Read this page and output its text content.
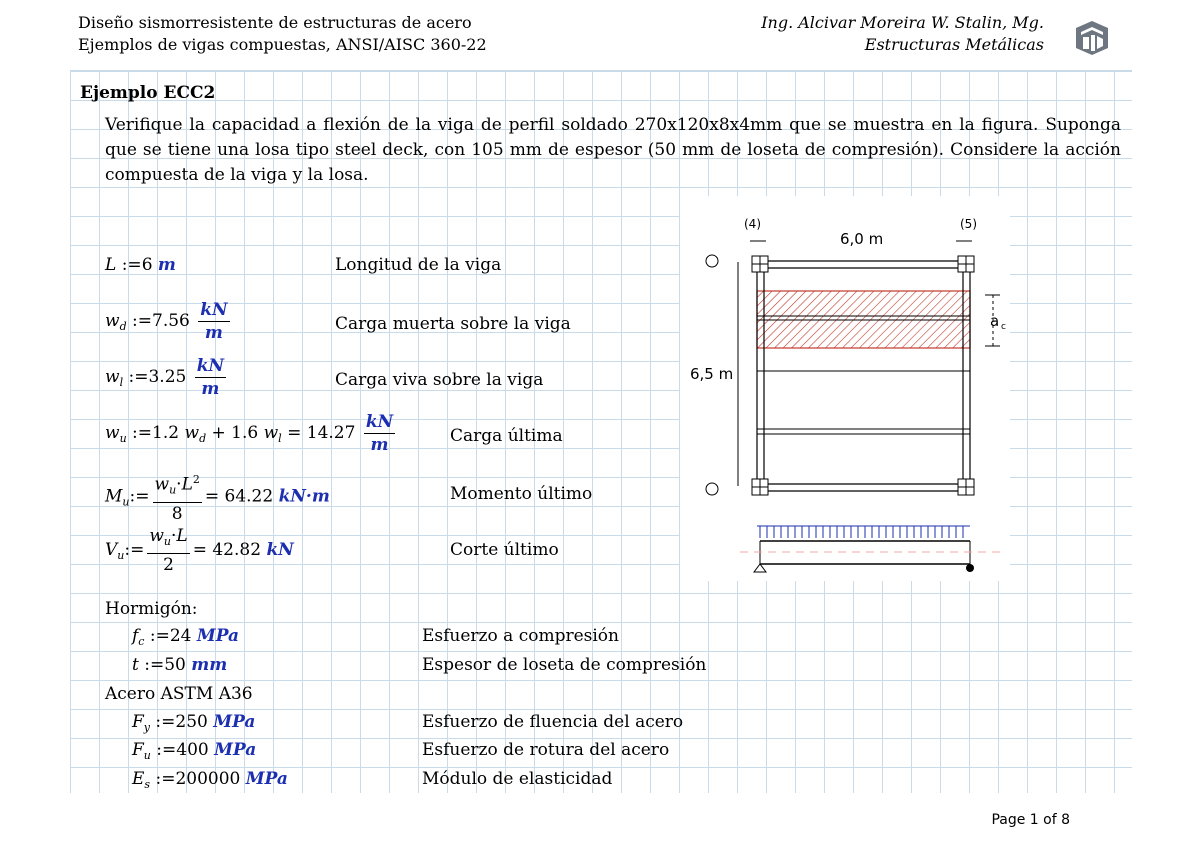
Diseño sismorresistente de estructuras de acero
Ejemplos de vigas compuestas, ANSI/AISC 360-22
Ing. Alcivar Moreira W. Stalin, Mg.
Estructuras Metálicas
Ejemplo ECC2
Verifique la capacidad a flexión de la viga de perfil soldado 270x120x8x4mm que se muestra en la figura. Suponga que se tiene una losa tipo steel deck, con 105 mm de espesor (50 mm de loseta de compresión). Considere la acción compuesta de la viga y la losa.
L :=6 m	Longitud de la viga
$w_d$ :=7.56 $\frac{kN}{m}$	Carga muerta sobre la viga
$w_l$ :=3.25 $\frac{kN}{m}$	Carga viva sobre la viga
$w_u$ :=1.2 $w_d + 1.6$ $w_l = 14.27 \frac{kN}{m}$	Carga última
$M_u:= \frac{w_u\cdot L^2}{8} = 64.22$ kN·m	Momento último
$V_u:= \frac{w_u\cdot L}{2} = 42.82$ kN	Corte último
Hormigón:
$f_c$ :=24 MPa	Esfuerzo a compresión
t :=50 mm	Espesor de loseta de compresión
Acero ASTM A36
$F_y$ :=250 MPa	Esfuerzo de fluencia del acero
$F_u$ :=400 MPa	Esfuerzo de rotura del acero
$E_s$ :=200000 MPa	Módulo de elasticidad
(4)	(5)
6,0 m
6,5 m
a c
Page 1 of 8
